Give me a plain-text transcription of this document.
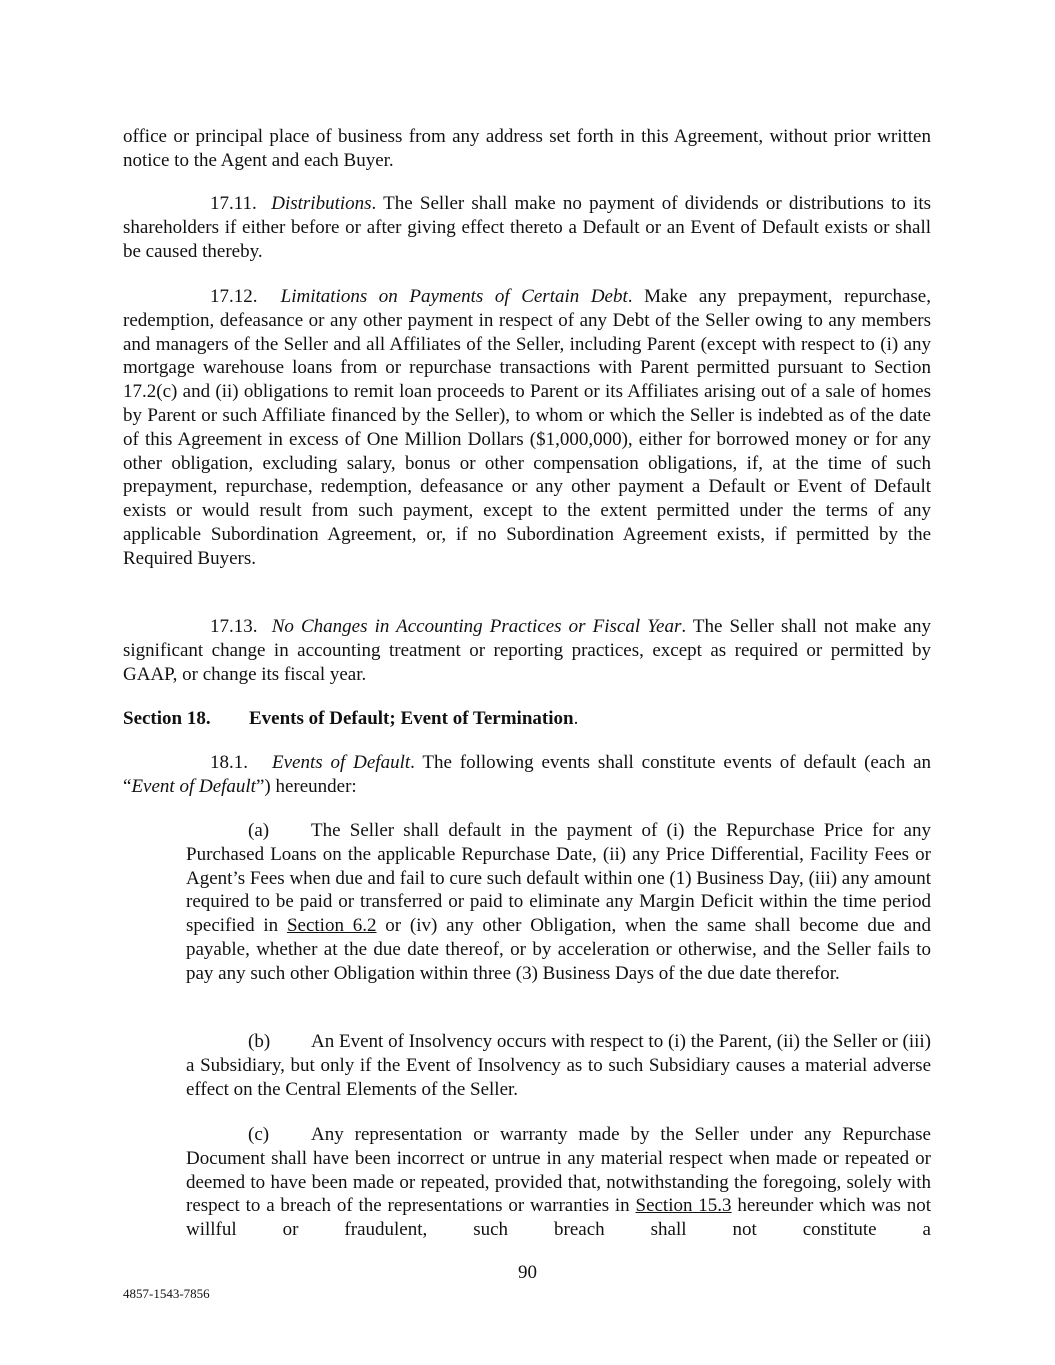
office or principal place of business from any address set forth in this Agreement, without prior written notice to the Agent and each Buyer.

17.11. Distributions. The Seller shall make no payment of dividends or distributions to its shareholders if either before or after giving effect thereto a Default or an Event of Default exists or shall be caused thereby.

17.12. Limitations on Payments of Certain Debt. Make any prepayment, repurchase, redemption, defeasance or any other payment in respect of any Debt of the Seller owing to any members and managers of the Seller and all Affiliates of the Seller, including Parent (except with respect to (i) any mortgage warehouse loans from or repurchase transactions with Parent permitted pursuant to Section 17.2(c) and (ii) obligations to remit loan proceeds to Parent or its Affiliates arising out of a sale of homes by Parent or such Affiliate financed by the Seller), to whom or which the Seller is indebted as of the date of this Agreement in excess of One Million Dollars ($1,000,000), either for borrowed money or for any other obligation, excluding salary, bonus or other compensation obligations, if, at the time of such prepayment, repurchase, redemption, defeasance or any other payment a Default or Event of Default exists or would result from such payment, except to the extent permitted under the terms of any applicable Subordination Agreement, or, if no Subordination Agreement exists, if permitted by the Required Buyers.

17.13. No Changes in Accounting Practices or Fiscal Year. The Seller shall not make any significant change in accounting treatment or reporting practices, except as required or permitted by GAAP, or change its fiscal year.

Section 18. Events of Default; Event of Termination.

18.1. Events of Default. The following events shall constitute events of default (each an “Event of Default”) hereunder:

(a) The Seller shall default in the payment of (i) the Repurchase Price for any Purchased Loans on the applicable Repurchase Date, (ii) any Price Differential, Facility Fees or Agent’s Fees when due and fail to cure such default within one (1) Business Day, (iii) any amount required to be paid or transferred or paid to eliminate any Margin Deficit within the time period specified in Section 6.2 or (iv) any other Obligation, when the same shall become due and payable, whether at the due date thereof, or by acceleration or otherwise, and the Seller fails to pay any such other Obligation within three (3) Business Days of the due date therefor.

(b) An Event of Insolvency occurs with respect to (i) the Parent, (ii) the Seller or (iii) a Subsidiary, but only if the Event of Insolvency as to such Subsidiary causes a material adverse effect on the Central Elements of the Seller.

(c) Any representation or warranty made by the Seller under any Repurchase Document shall have been incorrect or untrue in any material respect when made or repeated or deemed to have been made or repeated, provided that, notwithstanding the foregoing, solely with respect to a breach of the representations or warranties in Section 15.3 hereunder which was not willful or fraudulent, such breach shall not constitute a

90
4857-1543-7856
